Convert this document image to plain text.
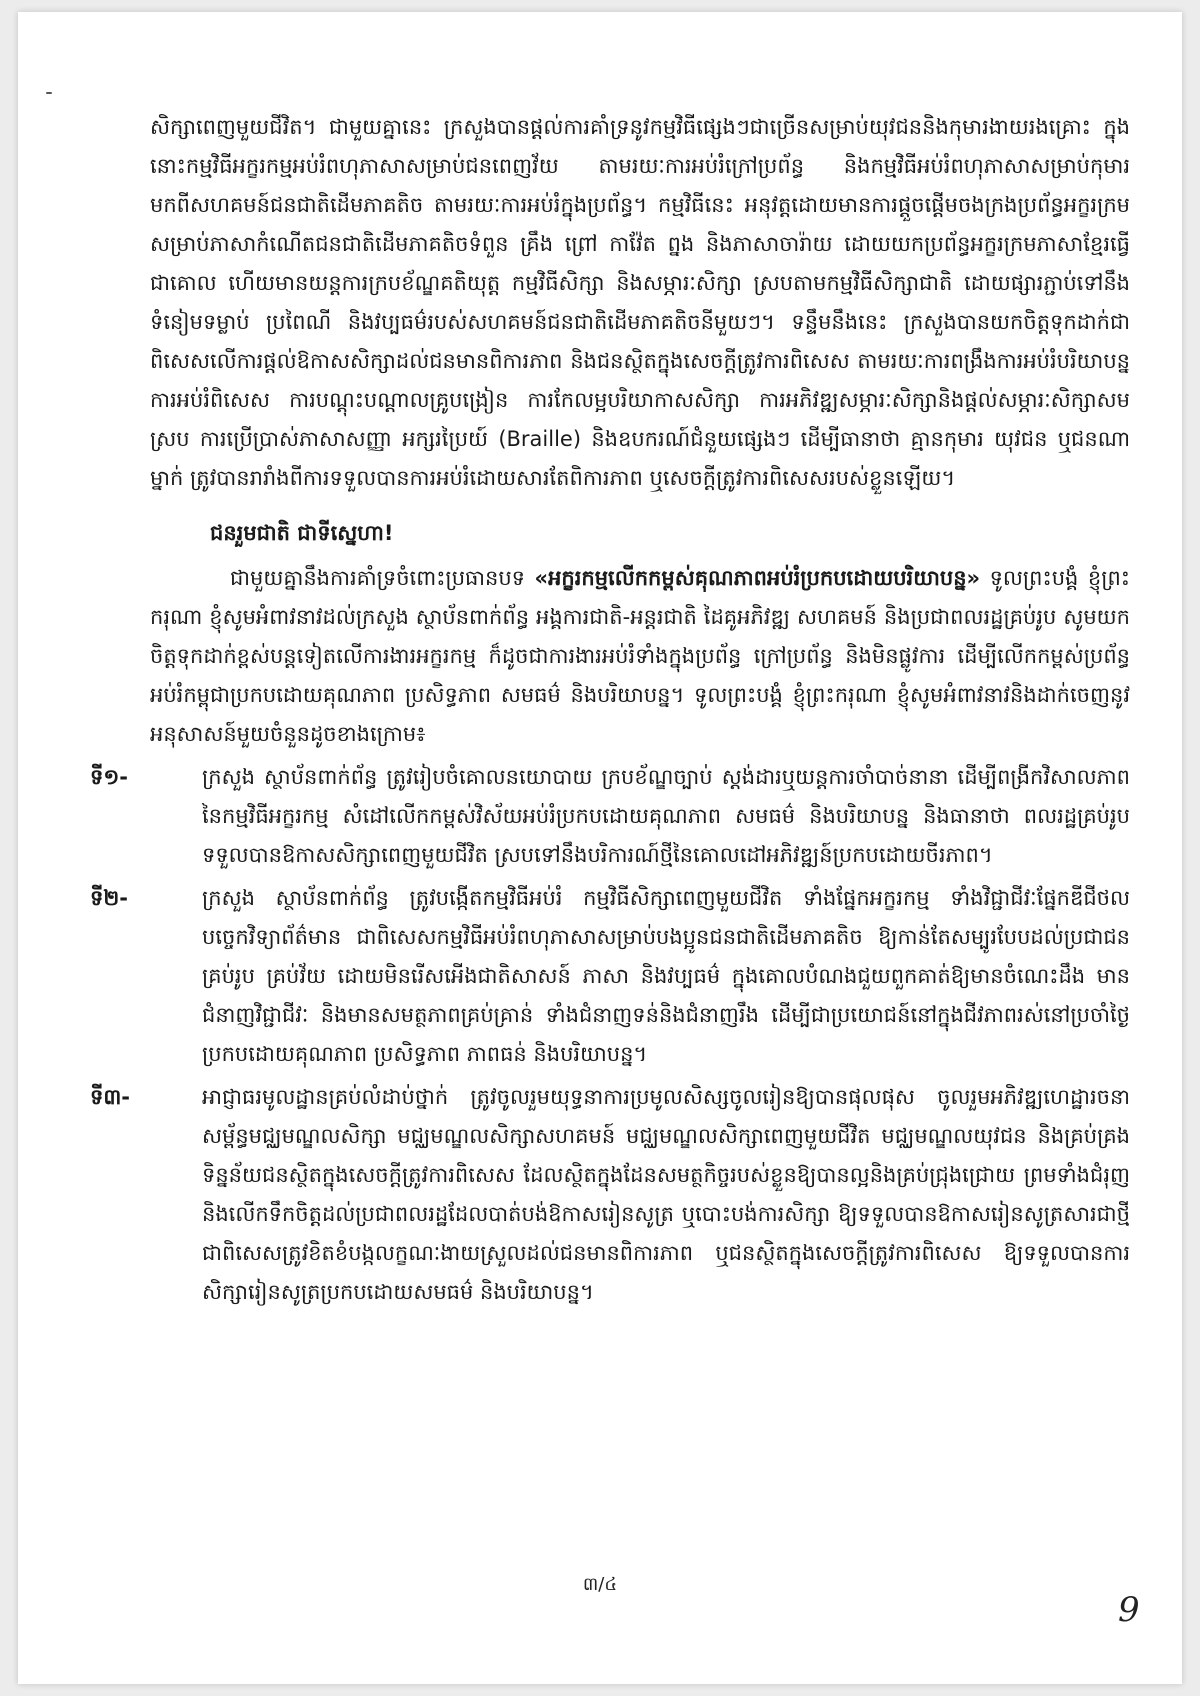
សិក្សាពេញមួយជីវិត។ ជាមួយគ្នានេះ ក្រសួងបានផ្តល់ការគាំទ្រនូវកម្មវិធីផ្សេងៗជាច្រើនសម្រាប់យុវជននិងកុមារងាយរងគ្រោះ ក្នុងនោះកម្មវិធីអក្ខរកម្មអប់រំពហុភាសាសម្រាប់ជនពេញវ័យ តាមរយៈការអប់រំក្រៅប្រព័ន្ធ និងកម្មវិធីអប់រំពហុភាសាសម្រាប់កុមារមកពីសហគមន៍ជនជាតិដើមភាគតិច តាមរយៈការអប់រំក្នុងប្រព័ន្ធ។ កម្មវិធីនេះ អនុវត្តដោយមានការផ្តួចផ្តើមចងក្រងប្រព័ន្ធអក្ខរក្រម សម្រាប់ភាសាកំណើតជនជាតិដើមភាគតិចទំពួន គ្រឹង ព្រៅ កាវ៉ែត ព្នង និងភាសាចារ៉ាយ ដោយយកប្រព័ន្ធអក្ខរក្រមភាសាខ្មែរធ្វើជាគោល ហើយមានយន្តការក្របខ័ណ្ឌគតិយុត្ត កម្មវិធីសិក្សា និងសម្ភារៈសិក្សា ស្របតាមកម្មវិធីសិក្សាជាតិ ដោយផ្សារភ្ជាប់ទៅនឹងទំនៀមទម្លាប់ ប្រពៃណី និងវប្បធម៌របស់សហគមន៍ជនជាតិដើមភាគតិចនីមួយៗ។ ទន្ទឹមនឹងនេះ ក្រសួងបានយកចិត្តទុកដាក់ជាពិសេសលើការផ្តល់ឱកាសសិក្សាដល់ជនមានពិការភាព និងជនស្ថិតក្នុងសេចក្តីត្រូវការពិសេស តាមរយៈការពង្រឹងការអប់រំបរិយាបន្ន ការអប់រំពិសេស ការបណ្តុះបណ្តាលគ្រូបង្រៀន ការកែលម្អបរិយាកាសសិក្សា ការអភិវឌ្ឍសម្ភារៈសិក្សានិងផ្តល់សម្ភារៈសិក្សាសមស្រប ការប្រើប្រាស់ភាសាសញ្ញា អក្សរប្រៃយ៍ (Braille) និងឧបករណ៍ជំនួយផ្សេងៗ ដើម្បីធានាថា គ្មានកុមារ យុវជន ឬជនណាម្នាក់ ត្រូវបានរារាំងពីការទទួលបានការអប់រំដោយសារតែពិការភាព ឬសេចក្តីត្រូវការពិសេសរបស់ខ្លួនឡើយ។

ជនរួមជាតិ ជាទីស្នេហា!

ជាមួយគ្នានឹងការគាំទ្រចំពោះប្រធានបទ «អក្ខរកម្មលើកកម្ពស់គុណភាពអប់រំប្រកបដោយបរិយាបន្ន» ទូលព្រះបង្គំ ខ្ញុំព្រះករុណា ខ្ញុំសូមអំពាវនាវដល់ក្រសួង ស្ថាប័នពាក់ព័ន្ធ អង្គការជាតិ-អន្តរជាតិ ដៃគូអភិវឌ្ឍ សហគមន៍ និងប្រជាពលរដ្ឋគ្រប់រូប សូមយកចិត្តទុកដាក់ខ្ពស់បន្តទៀតលើការងារអក្ខរកម្ម ក៏ដូចជាការងារអប់រំទាំងក្នុងប្រព័ន្ធ ក្រៅប្រព័ន្ធ និងមិនផ្លូវការ ដើម្បីលើកកម្ពស់ប្រព័ន្ធអប់រំកម្ពុជាប្រកបដោយគុណភាព ប្រសិទ្ធភាព សមធម៌ និងបរិយាបន្ន។ ទូលព្រះបង្គំ ខ្ញុំព្រះករុណា ខ្ញុំសូមអំពាវនាវនិងដាក់ចេញនូវអនុសាសន៍មួយចំនួនដូចខាងក្រោម៖

ទី១-	ក្រសួង ស្ថាប័នពាក់ព័ន្ធ ត្រូវរៀបចំគោលនយោបាយ ក្របខ័ណ្ឌច្បាប់ ស្តង់ដារឬយន្តការចាំបាច់នានា ដើម្បីពង្រីកវិសាលភាពនៃកម្មវិធីអក្ខរកម្ម សំដៅលើកកម្ពស់វិស័យអប់រំប្រកបដោយគុណភាព សមធម៌ និងបរិយាបន្ន និងធានាថា ពលរដ្ឋគ្រប់រូបទទួលបានឱកាសសិក្សាពេញមួយជីវិត ស្របទៅនឹងបរិការណ៍ថ្មីនៃគោលដៅអភិវឌ្ឍន៍ប្រកបដោយចីរភាព។
ទី២-	ក្រសួង ស្ថាប័នពាក់ព័ន្ធ ត្រូវបង្កើតកម្មវិធីអប់រំ កម្មវិធីសិក្សាពេញមួយជីវិត ទាំងផ្នែកអក្ខរកម្ម ទាំងវិជ្ជាជីវៈផ្នែកឌីជីថល បច្ចេកវិទ្យាព័ត៌មាន ជាពិសេសកម្មវិធីអប់រំពហុភាសាសម្រាប់បងប្អូនជនជាតិដើមភាគតិច ឱ្យកាន់តែសម្បូរបែបដល់ប្រជាជនគ្រប់រូប គ្រប់វ័យ ដោយមិនរើសអើងជាតិសាសន៍ ភាសា និងវប្បធម៌ ក្នុងគោលបំណងជួយពួកគាត់ឱ្យមានចំណេះដឹង មានជំនាញវិជ្ជាជីវៈ និងមានសមត្ថភាពគ្រប់គ្រាន់ ទាំងជំនាញទន់និងជំនាញរឹង ដើម្បីជាប្រយោជន៍នៅក្នុងជីវភាពរស់នៅប្រចាំថ្ងៃ ប្រកបដោយគុណភាព ប្រសិទ្ធភាព ភាពធន់ និងបរិយាបន្ន។
ទី៣-	អាជ្ញាធរមូលដ្ឋានគ្រប់លំដាប់ថ្នាក់ ត្រូវចូលរួមយុទ្ធនាការប្រមូលសិស្សចូលរៀនឱ្យបានផុលផុស ចូលរួមអភិវឌ្ឍហេដ្ឋារចនាសម្ព័ន្ធមជ្ឈមណ្ឌលសិក្សា មជ្ឈមណ្ឌលសិក្សាសហគមន៍ មជ្ឈមណ្ឌលសិក្សាពេញមួយជីវិត មជ្ឈមណ្ឌលយុវជន និងគ្រប់គ្រងទិន្នន័យជនស្ថិតក្នុងសេចក្តីត្រូវការពិសេស ដែលស្ថិតក្នុងដែនសមត្ថកិច្ចរបស់ខ្លួនឱ្យបានល្អនិងគ្រប់ជ្រុងជ្រោយ ព្រមទាំងជំរុញនិងលើកទឹកចិត្តដល់ប្រជាពលរដ្ឋដែលបាត់បង់ឱកាសរៀនសូត្រ ឬបោះបង់ការសិក្សា ឱ្យទទួលបានឱកាសរៀនសូត្រសារជាថ្មី ជាពិសេសត្រូវខិតខំបង្កលក្ខណៈងាយស្រួលដល់ជនមានពិការភាព ឬជនស្ថិតក្នុងសេចក្តីត្រូវការពិសេស ឱ្យទទួលបានការសិក្សារៀនសូត្រប្រកបដោយសមធម៌ និងបរិយាបន្ន។
៣/៤
9
